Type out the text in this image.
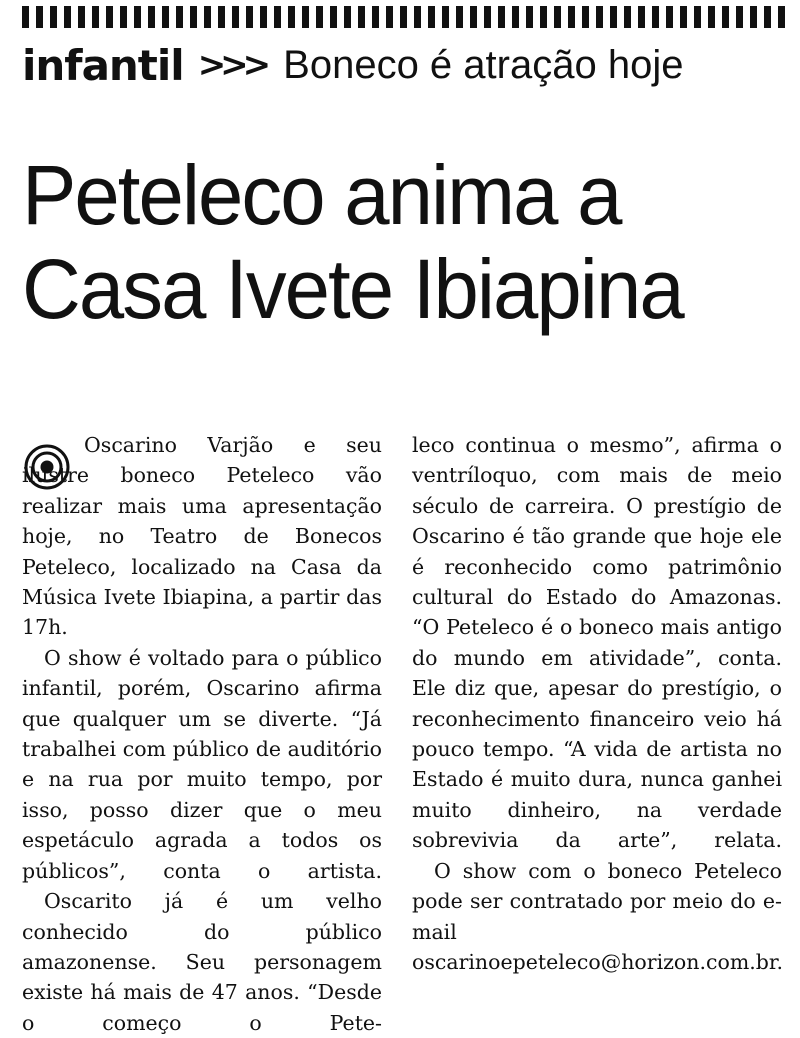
infantil >>> Boneco é atração hoje
Peteleco anima a
Casa Ivete Ibiapina

Oscarino Varjão e seu ilustre boneco Peteleco vão realizar mais uma apresentação hoje, no Teatro de Bonecos Peteleco, localizado na Casa da Música Ivete Ibiapina, a partir das 17h.

O show é voltado para o público infantil, porém, Oscarino afirma que qualquer um se diverte. “Já trabalhei com público de auditório e na rua por muito tempo, por isso, posso dizer que o meu espetáculo agrada a todos os públicos”, conta o artista.

Oscarito já é um velho conhecido do público amazonense. Seu personagem existe há mais de 47 anos. “Desde o começo o Pete-

leco continua o mesmo”, afirma o ventríloquo, com mais de meio século de carreira. O prestígio de Oscarino é tão grande que hoje ele é reconhecido como patrimônio cultural do Estado do Amazonas. “O Peteleco é o boneco mais antigo do mundo em atividade”, conta. Ele diz que, apesar do prestígio, o reconhecimento financeiro veio há pouco tempo. “A vida de artista no Estado é muito dura, nunca ganhei muito dinheiro, na verdade sobrevivia da arte”, relata.

O show com o boneco Peteleco pode ser contratado por meio do e-mail oscarinoepeteleco@horizon.com.br.
